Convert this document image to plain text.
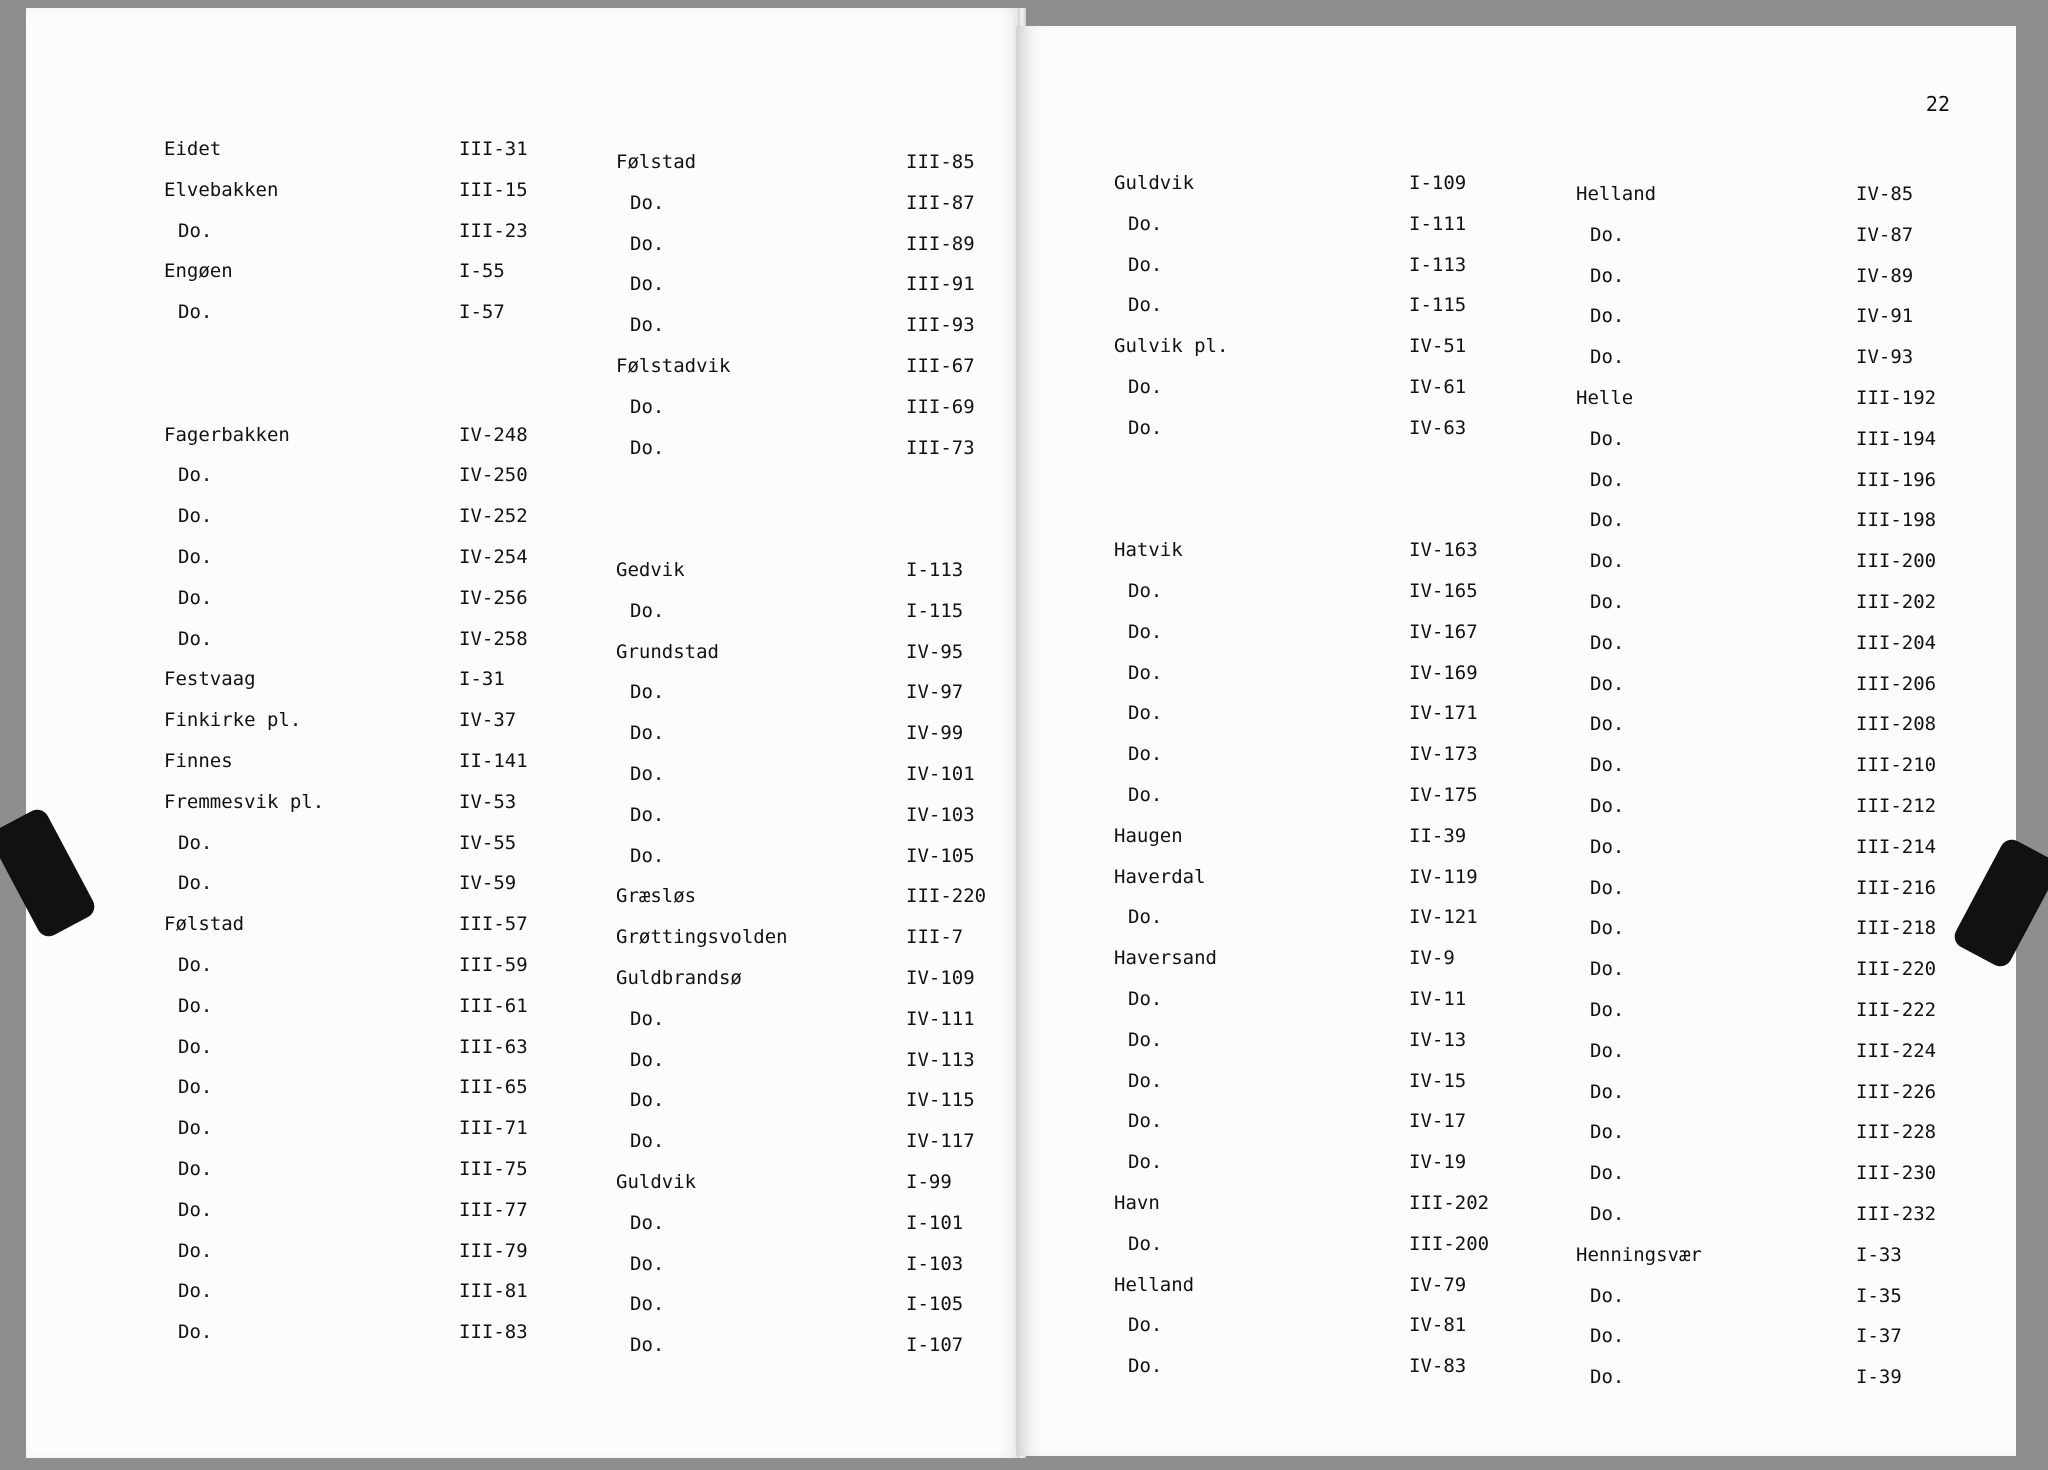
Eidet	III-31
Elvebakken	III-15
Do.	III-23
Engøen	I-55
Do.	I-57
Fagerbakken	IV-248
Do.	IV-250
Do.	IV-252
Do.	IV-254
Do.	IV-256
Do.	IV-258
Festvaag	I-31
Finkirke pl.	IV-37
Finnes	II-141
Fremmesvik pl.	IV-53
Do.	IV-55
Do.	IV-59
Følstad	III-57
Do.	III-59
Do.	III-61
Do.	III-63
Do.	III-65
Do.	III-71
Do.	III-75
Do.	III-77
Do.	III-79
Do.	III-81
Do.	III-83
Følstad	III-85
Do.	III-87
Do.	III-89
Do.	III-91
Do.	III-93
Følstadvik	III-67
Do.	III-69
Do.	III-73
Gedvik	I-113
Do.	I-115
Grundstad	IV-95
Do.	IV-97
Do.	IV-99
Do.	IV-101
Do.	IV-103
Do.	IV-105
Græsløs	III-220
Grøttingsvolden	III-7
Guldbrandsø	IV-109
Do.	IV-111
Do.	IV-113
Do.	IV-115
Do.	IV-117
Guldvik	I-99
Do.	I-101
Do.	I-103
Do.	I-105
Do.	I-107
22
Guldvik	I-109
Do.	I-111
Do.	I-113
Do.	I-115
Gulvik pl.	IV-51
Do.	IV-61
Do.	IV-63
Hatvik	IV-163
Do.	IV-165
Do.	IV-167
Do.	IV-169
Do.	IV-171
Do.	IV-173
Do.	IV-175
Haugen	II-39
Haverdal	IV-119
Do.	IV-121
Haversand	IV-9
Do.	IV-11
Do.	IV-13
Do.	IV-15
Do.	IV-17
Do.	IV-19
Havn	III-202
Do.	III-200
Helland	IV-79
Do.	IV-81
Do.	IV-83
Helland	IV-85
Do.	IV-87
Do.	IV-89
Do.	IV-91
Do.	IV-93
Helle	III-192
Do.	III-194
Do.	III-196
Do.	III-198
Do.	III-200
Do.	III-202
Do.	III-204
Do.	III-206
Do.	III-208
Do.	III-210
Do.	III-212
Do.	III-214
Do.	III-216
Do.	III-218
Do.	III-220
Do.	III-222
Do.	III-224
Do.	III-226
Do.	III-228
Do.	III-230
Do.	III-232
Henningsvær	I-33
Do.	I-35
Do.	I-37
Do.	I-39
